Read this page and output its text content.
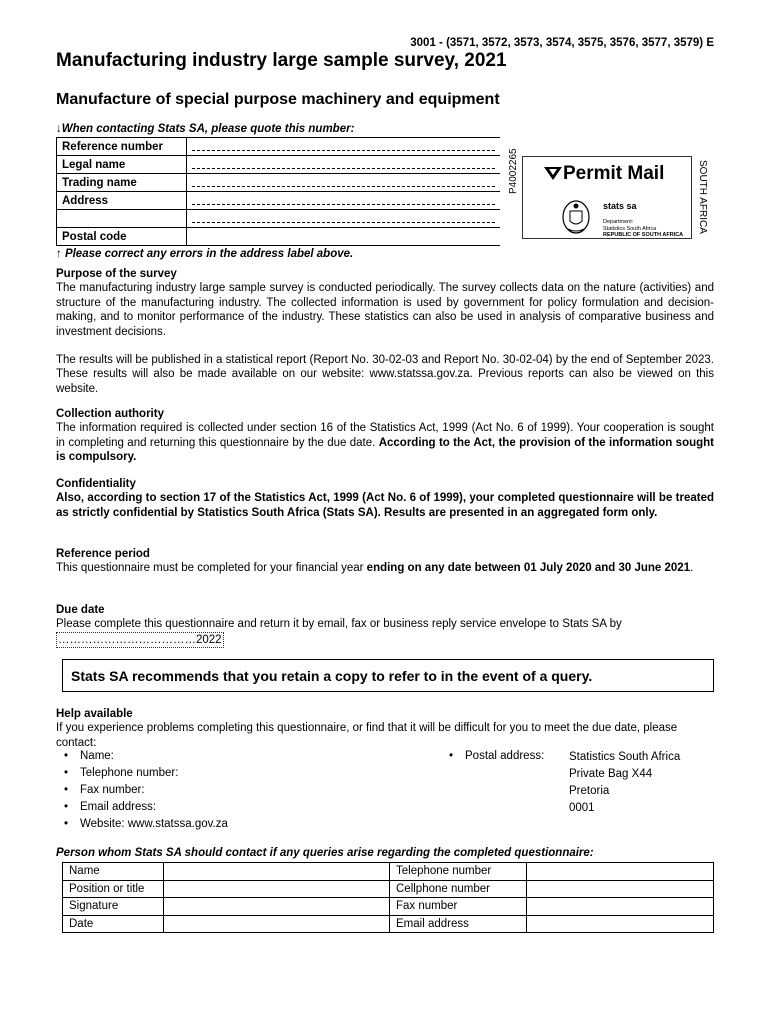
3001 - (3571, 3572, 3573, 3574, 3575, 3576, 3577, 3579) E
Manufacturing industry large sample survey, 2021
Manufacture of special purpose machinery and equipment
↓When contacting Stats SA, please quote this number:
Reference number	

Legal name	

Trading name	

Address	

Postal code	
P4002265	Permit Mail
stats sa
Department:
Statistics South Africa
REPUBLIC OF SOUTH AFRICA
SOUTH AFRICA
↑ Please correct any errors in the address label above.
Purpose of the survey

The manufacturing industry large sample survey is conducted periodically. The survey collects data on the nature (activities) and structure of the manufacturing industry. The collected information is used by government for policy formulation and decision-making, and to monitor performance of the industry. These statistics can also be used in analysis of comparative business and investment decisions.

The results will be published in a statistical report (Report No. 30-02-03 and Report No. 30-02-04) by the end of September 2023. These results will also be made available on our website: www.statssa.gov.za. Previous reports can also be viewed on this website.

Collection authority

The information required is collected under section 16 of the Statistics Act, 1999 (Act No. 6 of 1999). Your cooperation is sought in completing and returning this questionnaire by the due date. According to the Act, the provision of the information sought is compulsory.

Confidentiality

Also, according to section 17 of the Statistics Act, 1999 (Act No. 6 of 1999), your completed questionnaire will be treated as strictly confidential by Statistics South Africa (Stats SA). Results are presented in an aggregated form only.

Reference period

This questionnaire must be completed for your financial year ending on any date between 01 July 2020 and 30 June 2021.

Due date

Please complete this questionnaire and return it by email, fax or business reply service envelope to Stats SA by

………………………………2022
Stats SA recommends that you retain a copy to refer to in the event of a query.
Help available

If you experience problems completing this questionnaire, or find that it will be difficult for you to meet the due date, please contact:

• Name:
• Telephone number:
• Fax number:
• Email address:
• Website: www.statssa.gov.za
• Postal address: Statistics South Africa
Private Bag X44
Pretoria
0001
Person whom Stats SA should contact if any queries arise regarding the completed questionnaire:
Name		Telephone number	
Position or title		Cellphone number	
Signature		Fax number	
Date		Email address	
